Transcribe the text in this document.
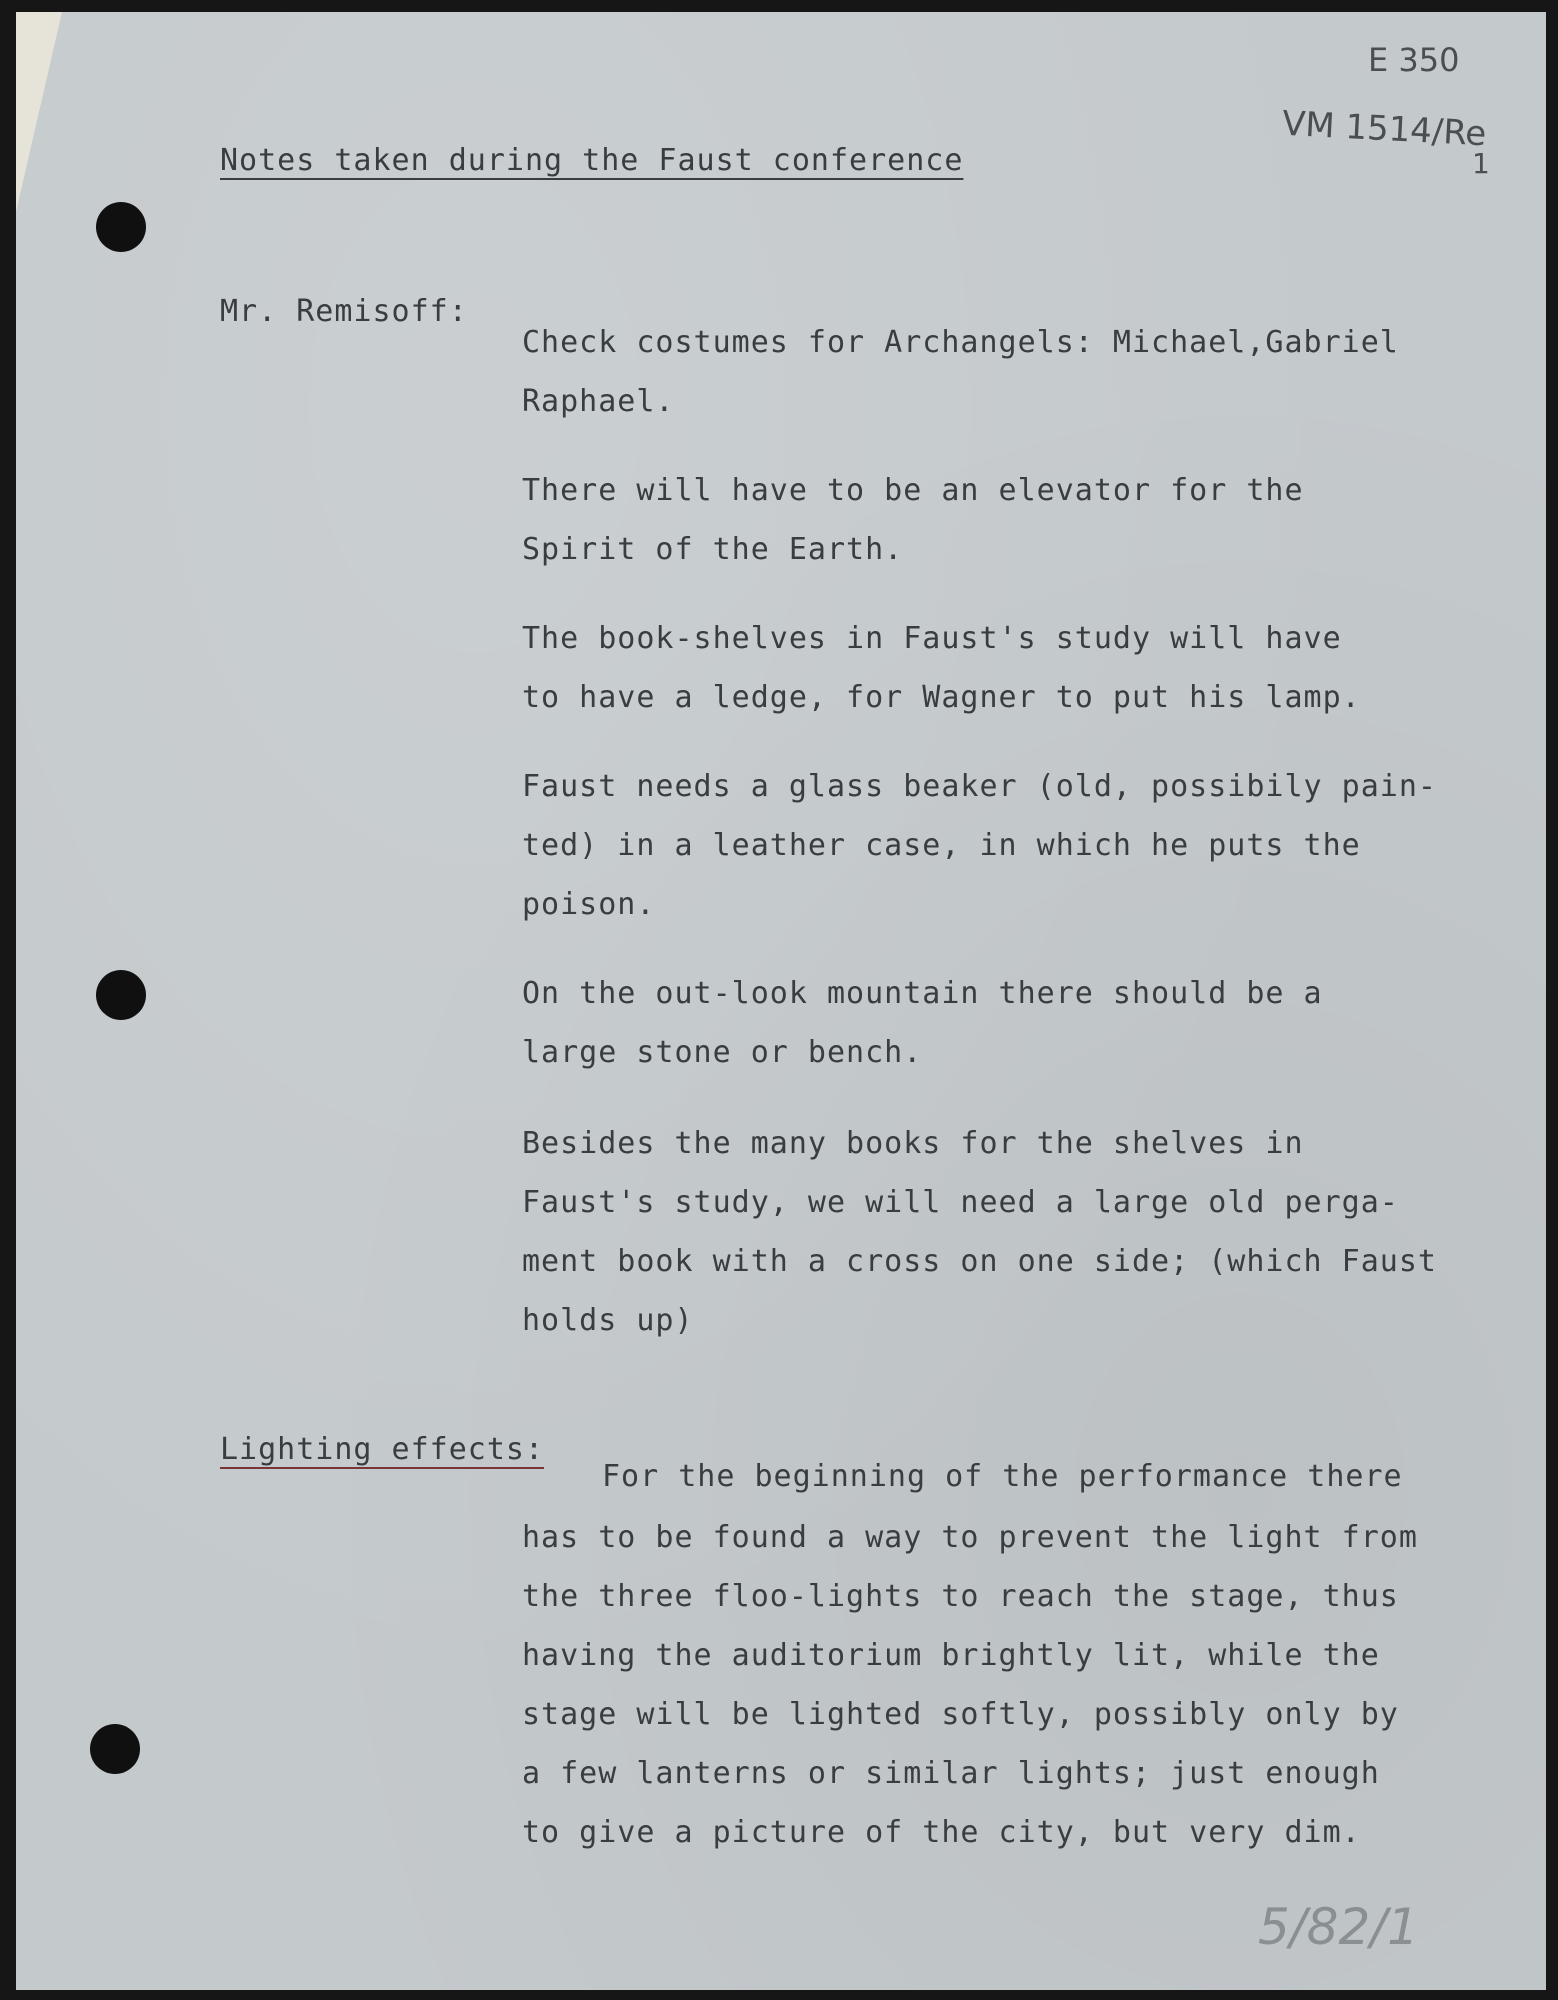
E 350
VM 1514/Re
1
5/82/1

Notes taken during the Faust conference

Mr. Remisoff:

Check costumes for Archangels: Michael,Gabriel
Raphael.
There will have to be an elevator for the
Spirit of the Earth.
The book-shelves in Faust's study will have
to have a ledge, for Wagner to put his lamp.
Faust needs a glass beaker (old, possibily pain-
ted) in a leather case, in which he puts the
poison.
On the out-look mountain there should be a
large stone or bench.
Besides the many books for the shelves in
Faust's study, we will need a large old perga-
ment book with a cross on one side; (which Faust
holds up)

Lighting effects:

For the beginning of the performance there

has to be found a way to prevent the light from
the three floo-lights to reach the stage, thus
having the auditorium brightly lit, while the
stage will be lighted softly, possibly only by
a few lanterns or similar lights; just enough
to give a picture of the city, but very dim.
